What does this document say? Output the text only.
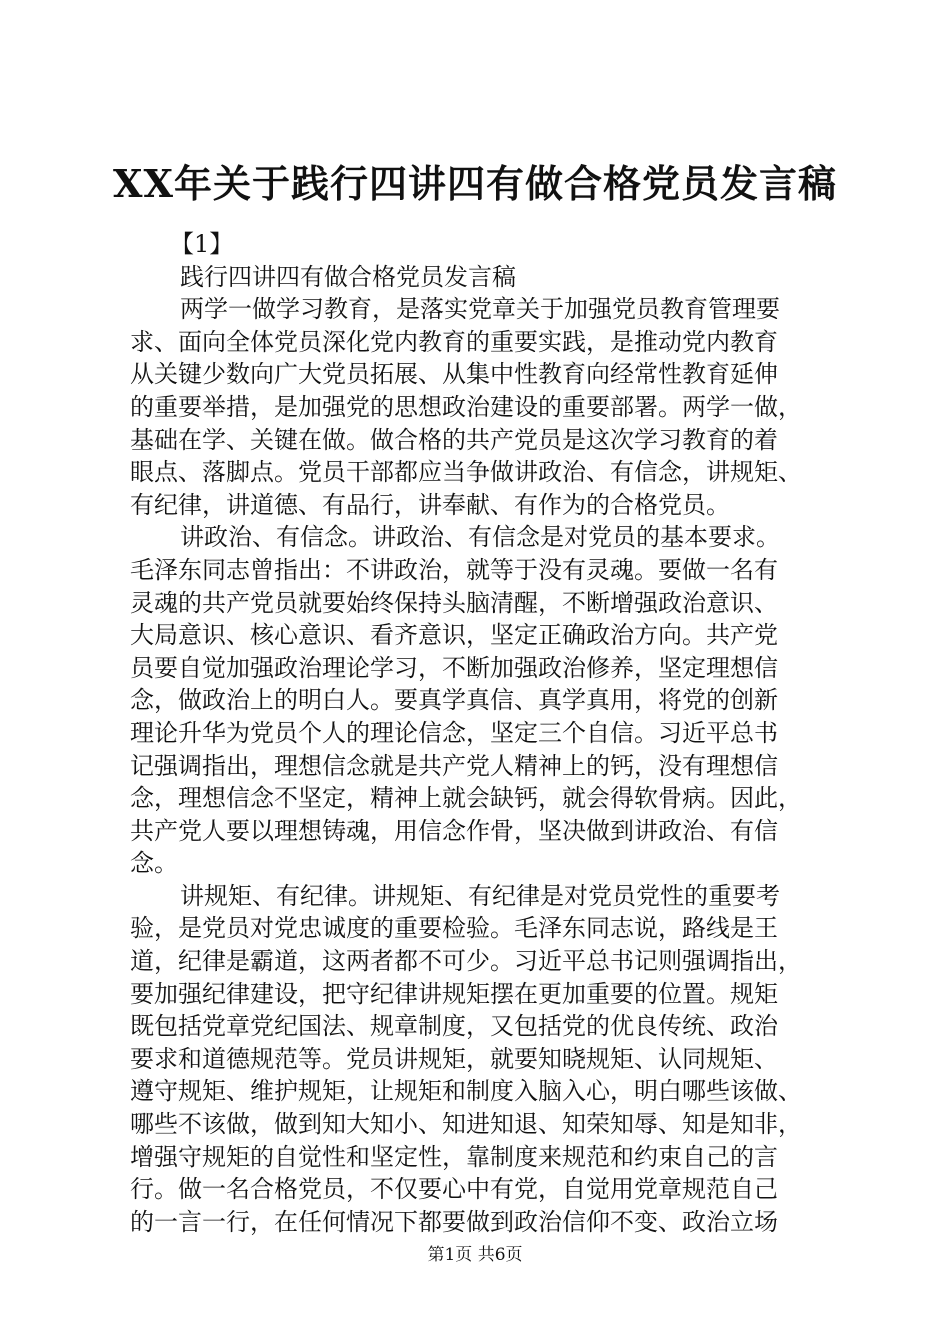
XX年关于践行四讲四有做合格党员发言稿
【1】
践行四讲四有做合格党员发言稿
两学一做学习教育，是落实党章关于加强党员教育管理要
求、面向全体党员深化党内教育的重要实践，是推动党内教育
从关键少数向广大党员拓展、从集中性教育向经常性教育延伸
的重要举措，是加强党的思想政治建设的重要部署。两学一做，
基础在学、关键在做。做合格的共产党员是这次学习教育的着
眼点、落脚点。党员干部都应当争做讲政治、有信念，讲规矩、
有纪律，讲道德、有品行，讲奉献、有作为的合格党员。
讲政治、有信念。讲政治、有信念是对党员的基本要求。
毛泽东同志曾指出：不讲政治，就等于没有灵魂。要做一名有
灵魂的共产党员就要始终保持头脑清醒，不断增强政治意识、
大局意识、核心意识、看齐意识，坚定正确政治方向。共产党
员要自觉加强政治理论学习，不断加强政治修养，坚定理想信
念，做政治上的明白人。要真学真信、真学真用，将党的创新
理论升华为党员个人的理论信念，坚定三个自信。习近平总书
记强调指出，理想信念就是共产党人精神上的钙，没有理想信
念，理想信念不坚定，精神上就会缺钙，就会得软骨病。因此，
共产党人要以理想铸魂，用信念作骨，坚决做到讲政治、有信
念。
讲规矩、有纪律。讲规矩、有纪律是对党员党性的重要考
验，是党员对党忠诚度的重要检验。毛泽东同志说，路线是王
道，纪律是霸道，这两者都不可少。习近平总书记则强调指出，
要加强纪律建设，把守纪律讲规矩摆在更加重要的位置。规矩
既包括党章党纪国法、规章制度，又包括党的优良传统、政治
要求和道德规范等。党员讲规矩，就要知晓规矩、认同规矩、
遵守规矩、维护规矩，让规矩和制度入脑入心，明白哪些该做、
哪些不该做，做到知大知小、知进知退、知荣知辱、知是知非，
增强守规矩的自觉性和坚定性，靠制度来规范和约束自己的言
行。做一名合格党员，不仅要心中有党，自觉用党章规范自己
的一言一行，在任何情况下都要做到政治信仰不变、政治立场
第1页 共6页
